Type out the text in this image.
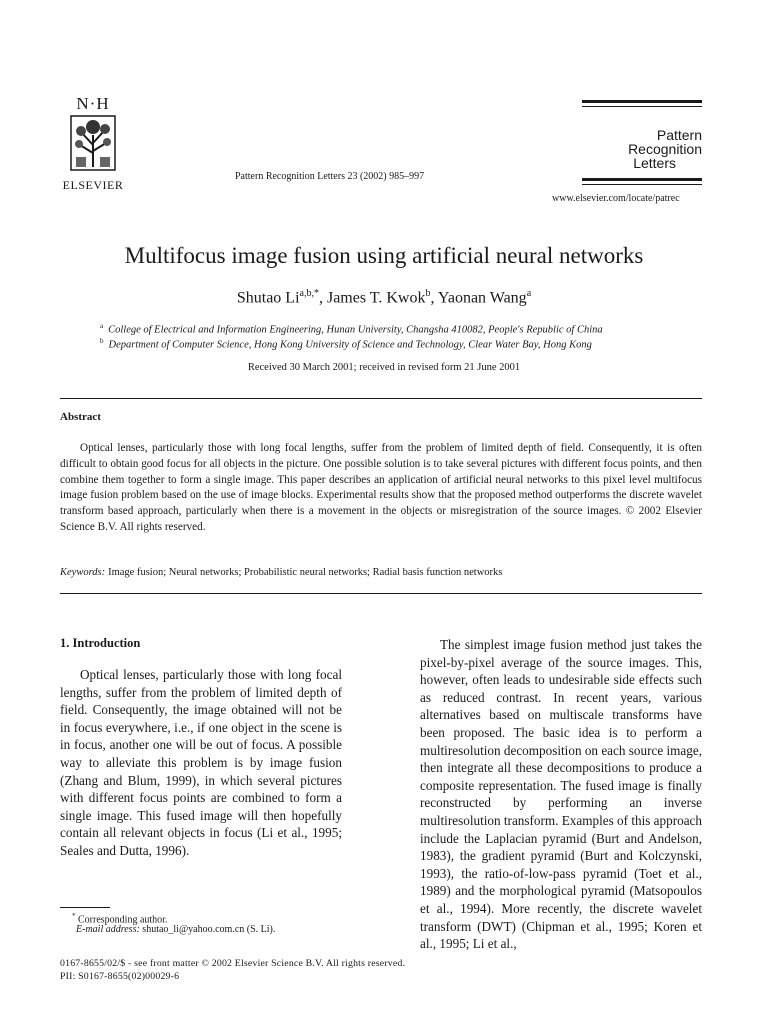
N·H
ELSEVIER
Pattern Recognition Letters 23 (2002) 985–997
Pattern Recognition
Letters
www.elsevier.com/locate/patrec
Multifocus image fusion using artificial neural networks
Shutao $Li^{a,b,*}$, James T. Kwok$^b$, Yaonan Wang$^a$
$^a$ College of Electrical and Information Engineering, Hunan University, Changsha 410082, People's Republic of China
$^b$ Department of Computer Science, Hong Kong University of Science and Technology, Clear Water Bay, Hong Kong
Received 30 March 2001; received in revised form 21 June 2001
Abstract
Optical lenses, particularly those with long focal lengths, suffer from the problem of limited depth of field. Consequently, it is often difficult to obtain good focus for all objects in the picture. One possible solution is to take several pictures with different focus points, and then combine them together to form a single image. This paper describes an application of artificial neural networks to this pixel level multifocus image fusion problem based on the use of image blocks. Experimental results show that the proposed method outperforms the discrete wavelet transform based approach, particularly when there is a movement in the objects or misregistration of the source images. © 2002 Elsevier Science B.V. All rights reserved.
Keywords: Image fusion; Neural networks; Probabilistic neural networks; Radial basis function networks
1. Introduction
Optical lenses, particularly those with long focal lengths, suffer from the problem of limited depth of field. Consequently, the image obtained will not be in focus everywhere, i.e., if one object in the scene is in focus, another one will be out of focus. A possible way to alleviate this problem is by image fusion (Zhang and Blum, 1999), in which several pictures with different focus points are combined to form a single image. This fused image will then hopefully contain all relevant objects in focus (Li et al., 1995; Seales and Dutta, 1996).
The simplest image fusion method just takes the pixel-by-pixel average of the source images. This, however, often leads to undesirable side effects such as reduced contrast. In recent years, various alternatives based on multiscale transforms have been proposed. The basic idea is to perform a multiresolution decomposition on each source image, then integrate all these decompositions to produce a composite representation. The fused image is finally reconstructed by performing an inverse multiresolution transform. Examples of this approach include the Laplacian pyramid (Burt and Andelson, 1983), the gradient pyramid (Burt and Kolczynski, 1993), the ratio-of-low-pass pyramid (Toet et al., 1989) and the morphological pyramid (Matsopoulos et al., 1994). More recently, the discrete wavelet transform (DWT) (Chipman et al., 1995; Koren et al., 1995; Li et al.,
* Corresponding author.
E-mail address: shutao_li@yahoo.com.cn (S. Li).
0167-8655/02/$ - see front matter © 2002 Elsevier Science B.V. All rights reserved.
PII: S0167-8655(02)00029-6
